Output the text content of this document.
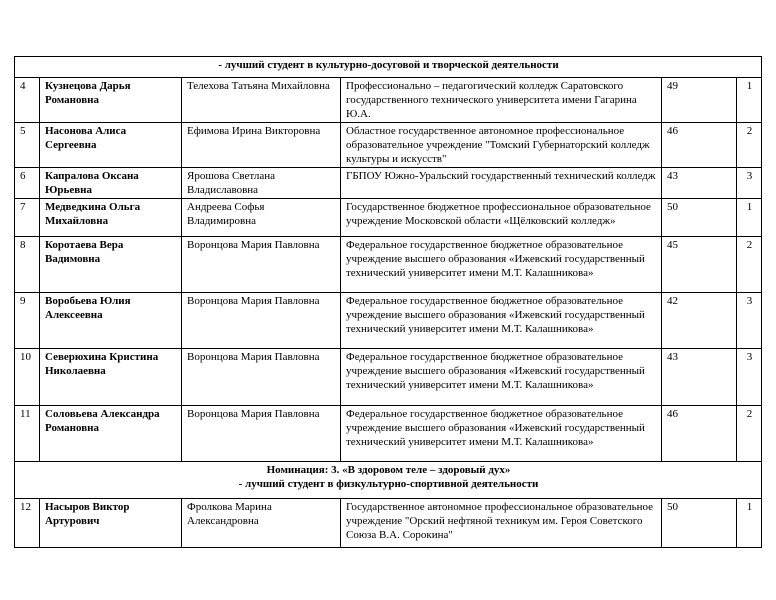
- лучший студент в культурно-досуговой и творческой деятельности					
4	Кузнецова Дарья Романовна	Телехова Татьяна Михайловна	Профессионально – педагогический колледж Саратовского государственного технического университета имени Гагарина Ю.А.	49	1
5	Насонова Алиса Сергеевна	Ефимова Ирина Викторовна	Областное государственное автономное профессиональное образовательное учреждение "Томский Губернаторский колледж культуры и искусств"	46	2
6	Капралова Оксана Юрьевна	Ярошова Светлана Владиславовна	ГБПОУ Южно-Уральский государственный технический колледж	43	3
7	Медведкина Ольга Михайловна	Андреева Софья Владимировна	Государственное бюджетное профессиональное образовательное учреждение Московской области «Щёлковский колледж»	50	1
8	Коротаева Вера Вадимовна	Воронцова Мария Павловна	Федеральное государственное бюджетное образовательное учреждение высшего образования «Ижевский государственный технический университет имени М.Т. Калашникова»	45	2
9	Воробьева Юлия Алексеевна	Воронцова Мария Павловна	Федеральное государственное бюджетное образовательное учреждение высшего образования «Ижевский государственный технический университет имени М.Т. Калашникова»	42	3
10	Северюхина Кристина Николаевна	Воронцова Мария Павловна	Федеральное государственное бюджетное образовательное учреждение высшего образования «Ижевский государственный технический университет имени М.Т. Калашникова»	43	3
11	Соловьева Александра Романовна	Воронцова Мария Павловна	Федеральное государственное бюджетное образовательное учреждение высшего образования «Ижевский государственный технический университет имени М.Т. Калашникова»	46	2

Номинация: 3. «В здоровом теле – здоровый дух»
- лучший студент в физкультурно-спортивной деятельности					

12	Насыров Виктор Артурович	Фролкова Марина Александровна	Государственное автономное профессиональное образовательное учреждение "Орский нефтяной техникум им. Героя Советского Союза В.А. Сорокина"	50	1
